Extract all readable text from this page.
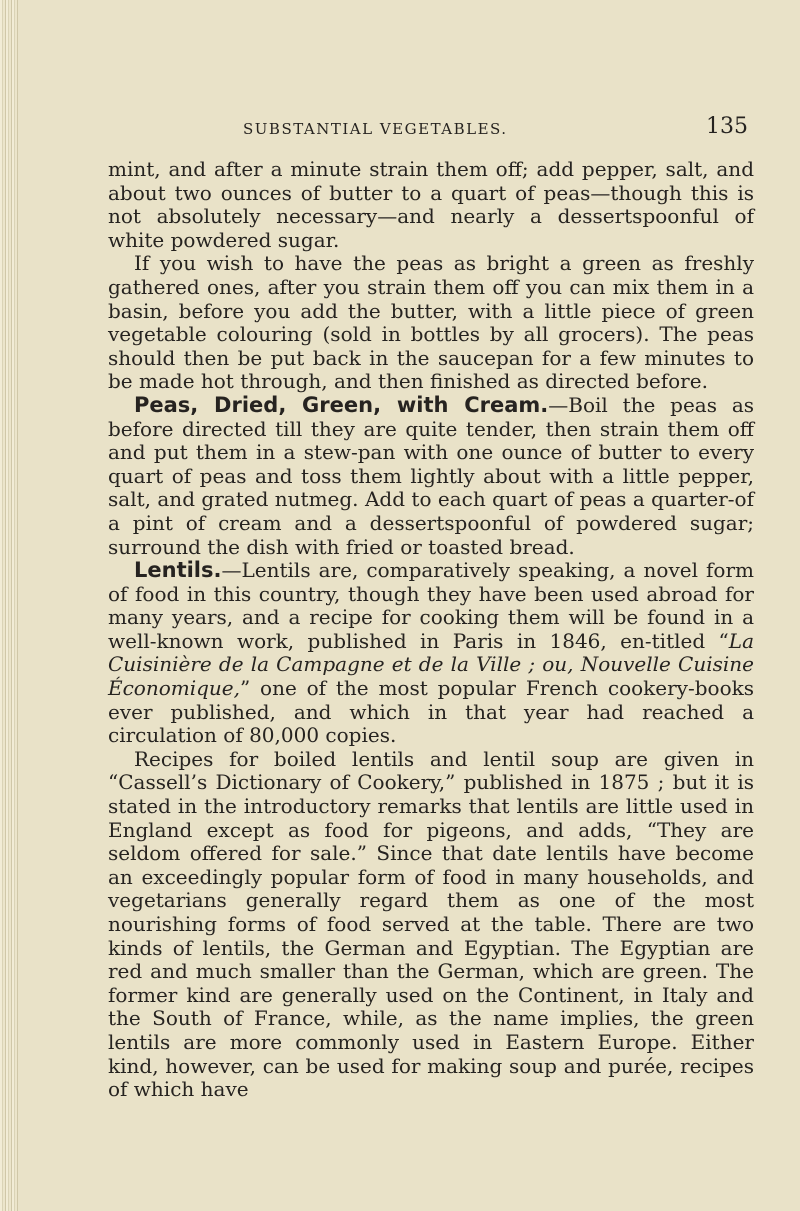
SUBSTANTIAL VEGETABLES.	135

mint, and after a minute strain them off; add pepper, salt, and about two ounces of butter to a quart of peas—though this is not absolutely necessary—and nearly a dessertspoonful of white powdered sugar.

If you wish to have the peas as bright a green as freshly gathered ones, after you strain them off you can mix them in a basin, before you add the butter, with a little piece of green vegetable colouring (sold in bottles by all grocers). The peas should then be put back in the saucepan for a few minutes to be made hot through, and then finished as directed before.

Peas, Dried, Green, with Cream.—Boil the peas as before directed till they are quite tender, then strain them off and put them in a stew-pan with one ounce of butter to every quart of peas and toss them lightly about with a little pepper, salt, and grated nutmeg. Add to each quart of peas a quarter-of a pint of cream and a dessertspoonful of powdered sugar; surround the dish with fried or toasted bread.

Lentils.—Lentils are, comparatively speaking, a novel form of food in this country, though they have been used abroad for many years, and a recipe for cooking them will be found in a well-known work, published in Paris in 1846, en-titled “La Cuisinière de la Campagne et de la Ville ; ou, Nouvelle Cuisine Économique,” one of the most popular French cookery-books ever published, and which in that year had reached a circulation of 80,000 copies.

Recipes for boiled lentils and lentil soup are given in “Cassell’s Dictionary of Cookery,” published in 1875 ; but it is stated in the introductory remarks that lentils are little used in England except as food for pigeons, and adds, “They are seldom offered for sale.” Since that date lentils have become an exceedingly popular form of food in many households, and vegetarians generally regard them as one of the most nourishing forms of food served at the table. There are two kinds of lentils, the German and Egyptian. The Egyptian are red and much smaller than the German, which are green. The former kind are generally used on the Continent, in Italy and the South of France, while, as the name implies, the green lentils are more commonly used in Eastern Europe. Either kind, however, can be used for making soup and purée, recipes of which have
